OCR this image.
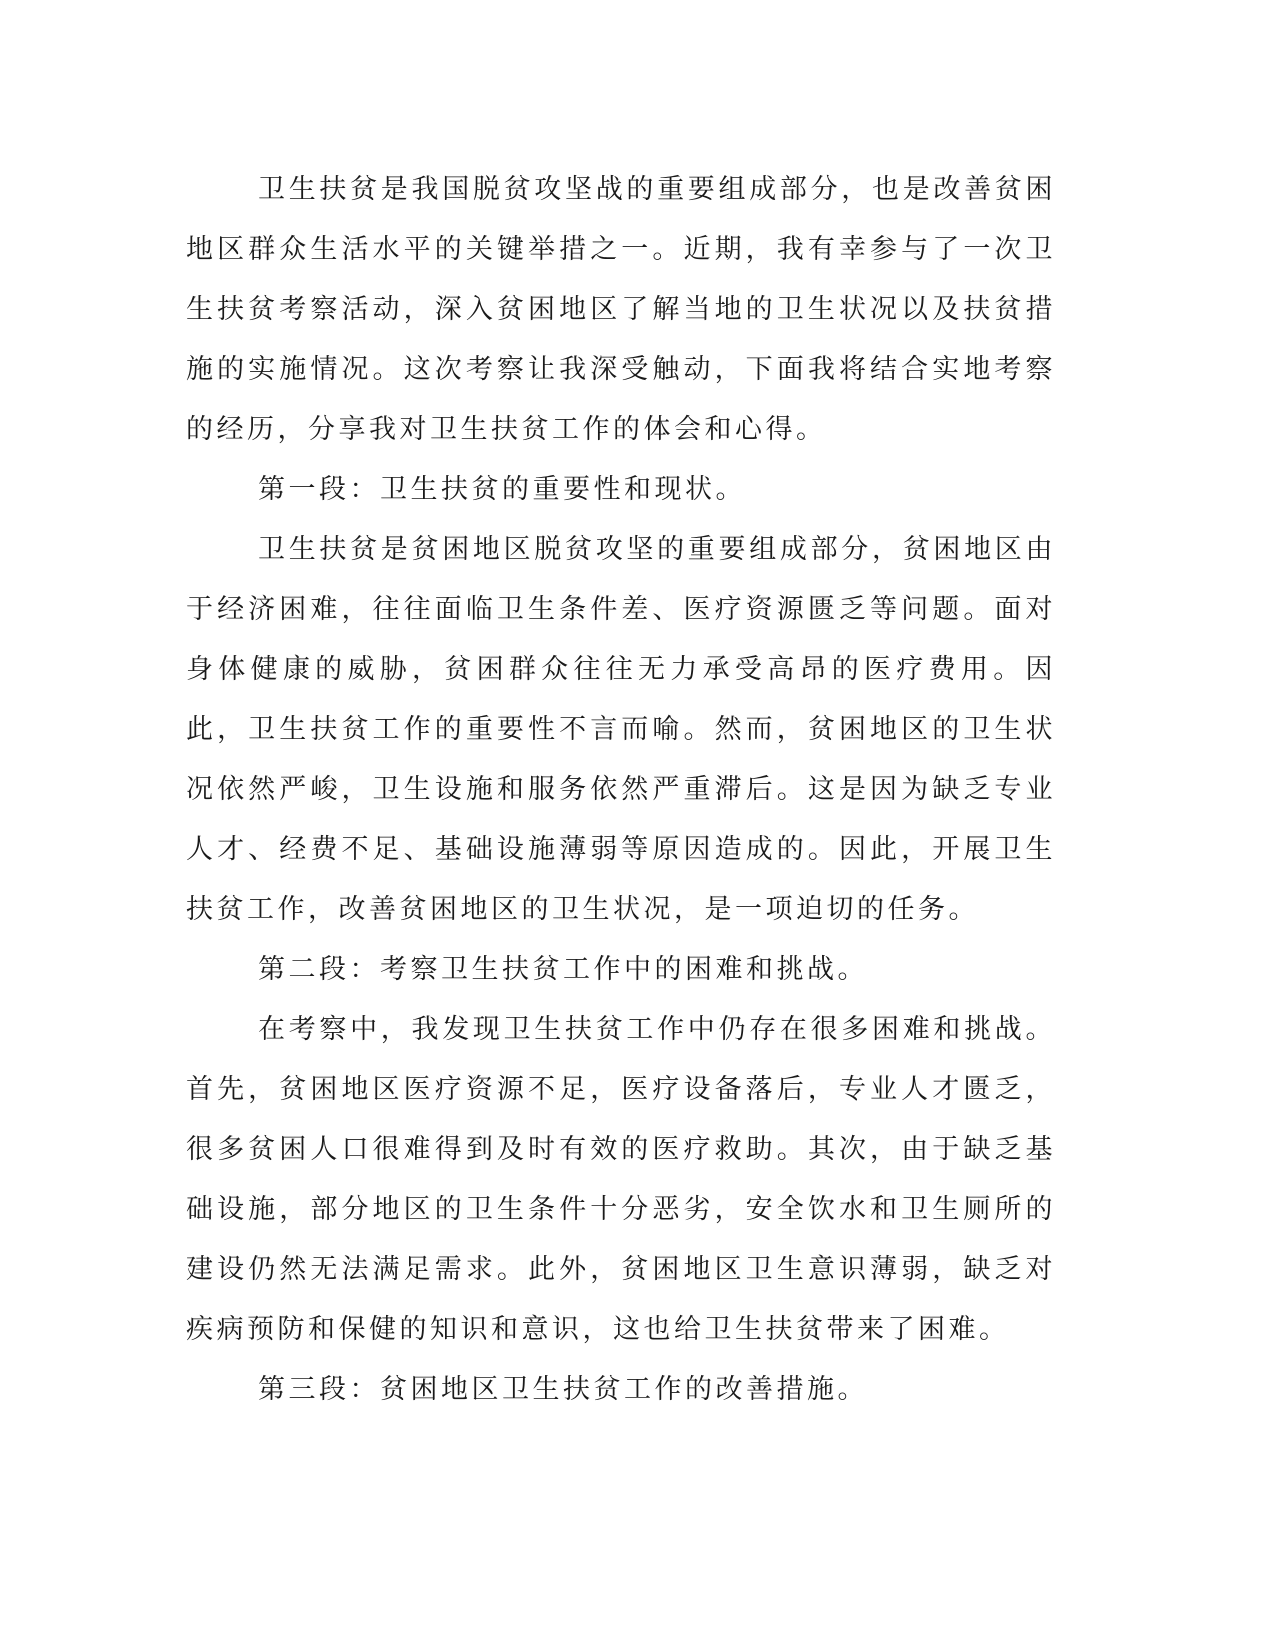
卫生扶贫是我国脱贫攻坚战的重要组成部分，也是改善贫困地区群众生活水平的关键举措之一。近期，我有幸参与了一次卫生扶贫考察活动，深入贫困地区了解当地的卫生状况以及扶贫措施的实施情况。这次考察让我深受触动，下面我将结合实地考察的经历，分享我对卫生扶贫工作的体会和心得。

第一段：卫生扶贫的重要性和现状。

卫生扶贫是贫困地区脱贫攻坚的重要组成部分，贫困地区由于经济困难，往往面临卫生条件差、医疗资源匮乏等问题。面对身体健康的威胁，贫困群众往往无力承受高昂的医疗费用。因此，卫生扶贫工作的重要性不言而喻。然而，贫困地区的卫生状况依然严峻，卫生设施和服务依然严重滞后。这是因为缺乏专业人才、经费不足、基础设施薄弱等原因造成的。因此，开展卫生扶贫工作，改善贫困地区的卫生状况，是一项迫切的任务。

第二段：考察卫生扶贫工作中的困难和挑战。

在考察中，我发现卫生扶贫工作中仍存在很多困难和挑战。首先，贫困地区医疗资源不足，医疗设备落后，专业人才匮乏，很多贫困人口很难得到及时有效的医疗救助。其次，由于缺乏基础设施，部分地区的卫生条件十分恶劣，安全饮水和卫生厕所的建设仍然无法满足需求。此外，贫困地区卫生意识薄弱，缺乏对疾病预防和保健的知识和意识，这也给卫生扶贫带来了困难。

第三段：贫困地区卫生扶贫工作的改善措施。
